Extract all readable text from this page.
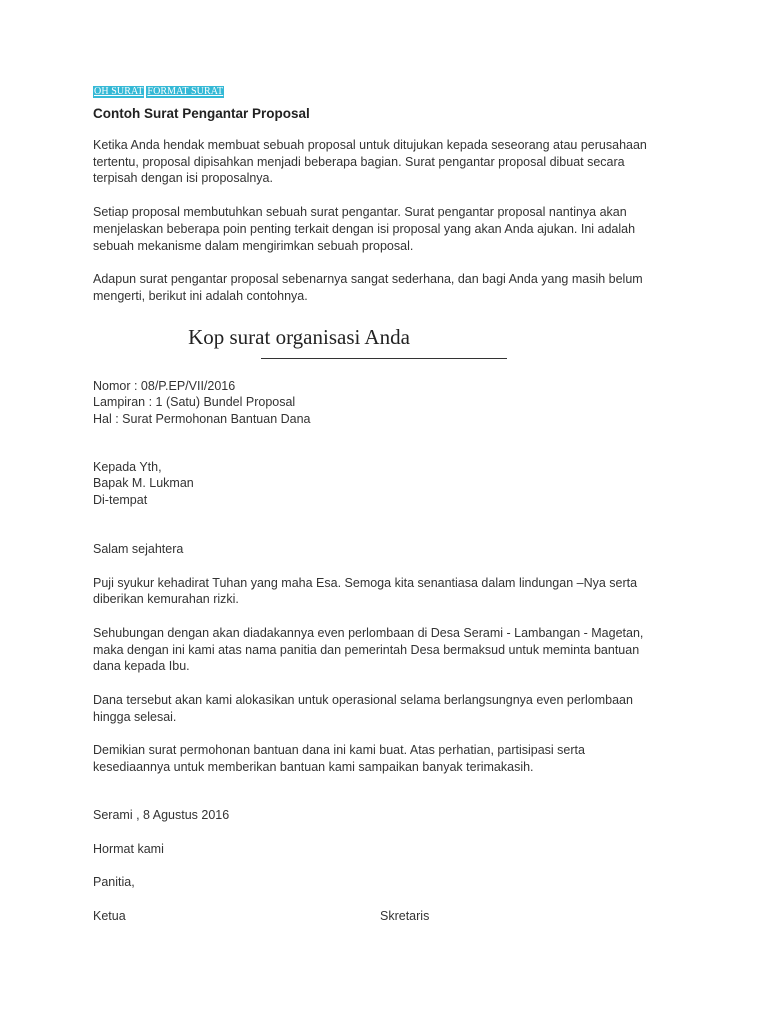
OH SURAT FORMAT SURAT
Contoh Surat Pengantar Proposal

Ketika Anda hendak membuat sebuah proposal untuk ditujukan kepada seseorang atau perusahaan
tertentu, proposal dipisahkan menjadi beberapa bagian. Surat pengantar proposal dibuat secara
terpisah dengan isi proposalnya.

Setiap proposal membutuhkan sebuah surat pengantar. Surat pengantar proposal nantinya akan
menjelaskan beberapa poin penting terkait dengan isi proposal yang akan Anda ajukan. Ini adalah
sebuah mekanisme dalam mengirimkan sebuah proposal.

Adapun surat pengantar proposal sebenarnya sangat sederhana, dan bagi Anda yang masih belum
mengerti, berikut ini adalah contohnya.

Kop surat organisasi Anda
Nomor : 08/P.EP/VII/2016
Lampiran : 1 (Satu) Bundel Proposal
Hal : Surat Permohonan Bantuan Dana
Kepada Yth,
Bapak M. Lukman
Di-tempat
Salam sejahtera

Puji syukur kehadirat Tuhan yang maha Esa. Semoga kita senantiasa dalam lindungan –Nya serta
diberikan kemurahan rizki.

Sehubungan dengan akan diadakannya even perlombaan di Desa Serami - Lambangan - Magetan,
maka dengan ini kami atas nama panitia dan pemerintah Desa bermaksud untuk meminta bantuan
dana kepada Ibu.

Dana tersebut akan kami alokasikan untuk operasional selama berlangsungnya even perlombaan
hingga selesai.

Demikian surat permohonan bantuan dana ini kami buat. Atas perhatian, partisipasi serta
kesediaannya untuk memberikan bantuan kami sampaikan banyak terimakasih.

Serami , 8 Agustus 2016
Hormat kami
Panitia,
Ketua	Skretaris
